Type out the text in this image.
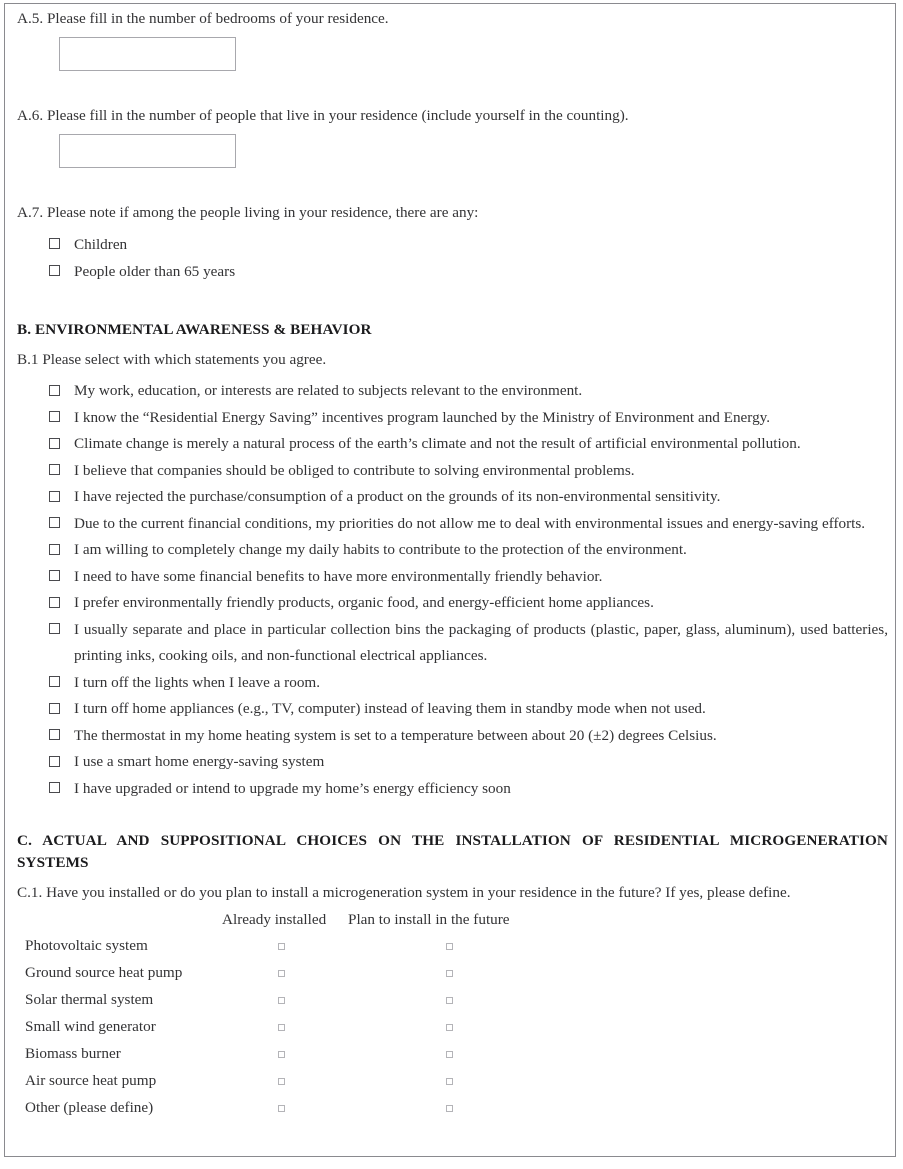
A.5. Please fill in the number of bedrooms of your residence.
A.6. Please fill in the number of people that live in your residence (include yourself in the counting).
A.7. Please note if among the people living in your residence, there are any:
Children
People older than 65 years
B. ENVIRONMENTAL AWARENESS & BEHAVIOR
B.1 Please select with which statements you agree.
My work, education, or interests are related to subjects relevant to the environment.
I know the “Residential Energy Saving” incentives program launched by the Ministry of Environment and Energy.
Climate change is merely a natural process of the earth’s climate and not the result of artificial environmental pollution.
I believe that companies should be obliged to contribute to solving environmental problems.
I have rejected the purchase/consumption of a product on the grounds of its non-environmental sensitivity.
Due to the current financial conditions, my priorities do not allow me to deal with environmental issues and energy-saving efforts.
I am willing to completely change my daily habits to contribute to the protection of the environment.
I need to have some financial benefits to have more environmentally friendly behavior.
I prefer environmentally friendly products, organic food, and energy-efficient home appliances.
I usually separate and place in particular collection bins the packaging of products (plastic, paper, glass, aluminum), used batteries, printing inks, cooking oils, and non-functional electrical appliances.
I turn off the lights when I leave a room.
I turn off home appliances (e.g., TV, computer) instead of leaving them in standby mode when not used.
The thermostat in my home heating system is set to a temperature between about 20 (±2) degrees Celsius.
I use a smart home energy-saving system
I have upgraded or intend to upgrade my home’s energy efficiency soon
C. ACTUAL AND SUPPOSITIONAL CHOICES ON THE INSTALLATION OF RESIDENTIAL MICROGENERATION SYSTEMS
C.1. Have you installed or do you plan to install a microgeneration system in your residence in the future? If yes, please define.
Already installed Plan to install in the future
Photovoltaic system
Ground source heat pump
Solar thermal system
Small wind generator
Biomass burner
Air source heat pump
Other (please define)
